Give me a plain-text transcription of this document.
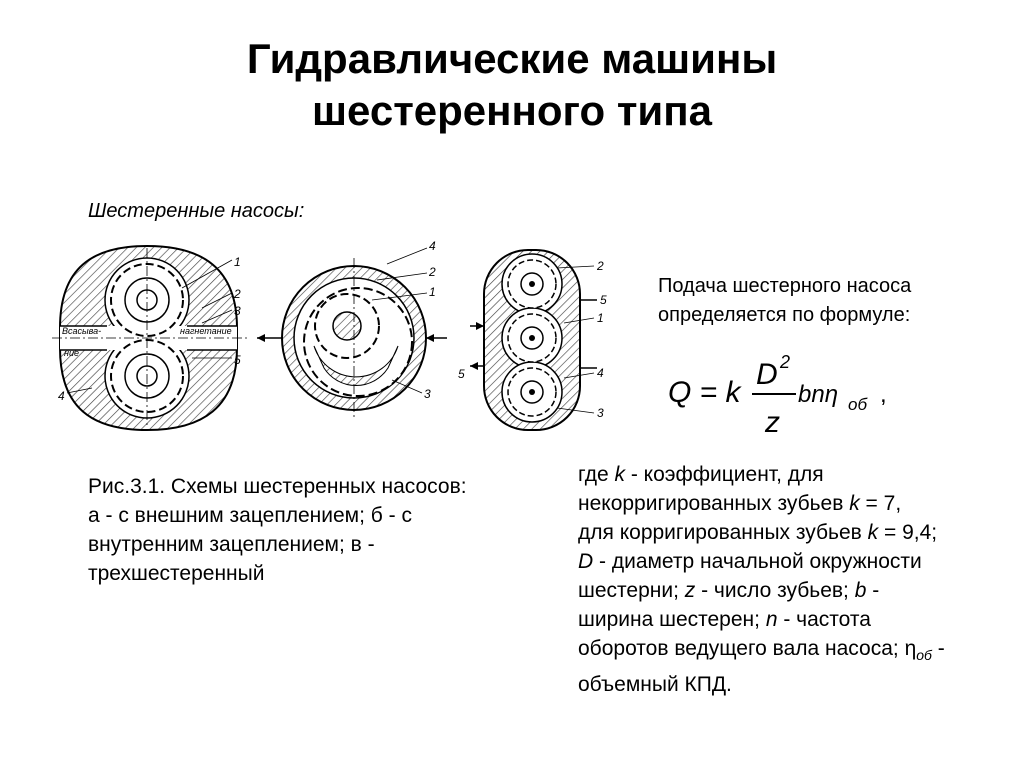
Гидравлические машины
шестеренного типа
Шестеренные насосы:
1
2
3
4
5
Всасыва-
ние
нагнетание
4
2
1
3
2
5
1
4
5
3
Рис.3.1. Схемы шестеренных насосов:
а - с внешним зацеплением; б - с
внутренним зацеплением; в -
трехшестеренный
Подача шестерного насоса
определяется по формуле:
Q = k
D 2
z
bnη об ,
где k - коэффициент, для
некорригированных зубьев k = 7,
для корригированных зубьев k = 9,4;
D - диаметр начальной окружности
шестерни; z - число зубьев; b -
ширина шестерен; n - частота
оборотов ведущего вала насоса; $\eta_{об}$ -
объемный КПД.
